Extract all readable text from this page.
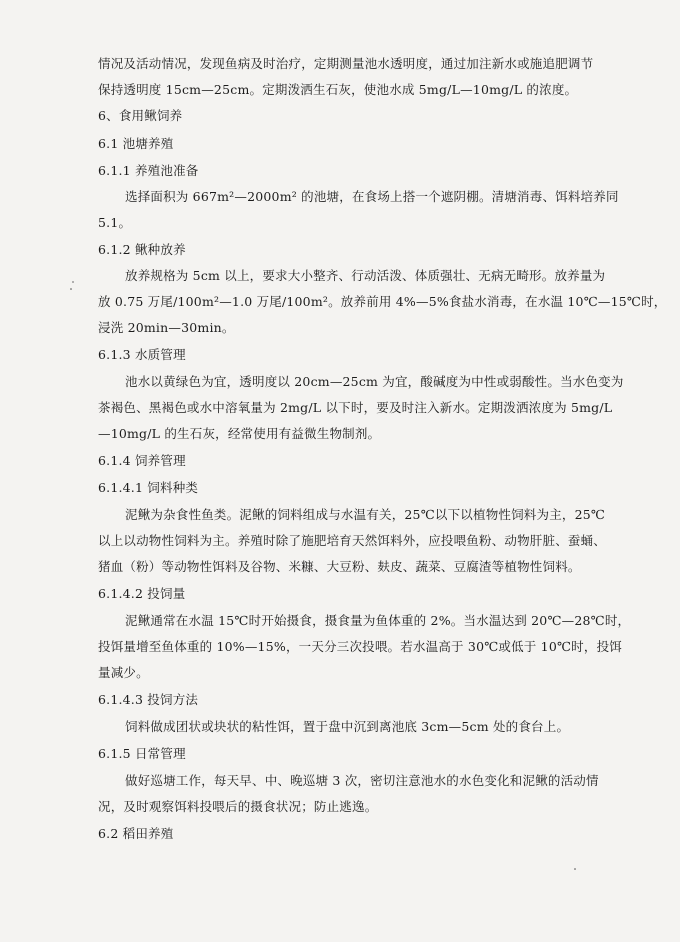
情况及活动情况，发现鱼病及时治疗，定期测量池水透明度，通过加注新水或施追肥调节
保持透明度 15cm—25cm。定期泼洒生石灰，使池水成 5mg/L—10mg/L 的浓度。
6、食用鳅饲养
6.1 池塘养殖
6.1.1 养殖池准备
选择面积为 667m²—2000m² 的池塘，在食场上搭一个遮阴棚。清塘消毒、饵料培养同
5.1。
6.1.2 鳅种放养
放养规格为 5cm 以上，要求大小整齐、行动活泼、体质强壮、无病无畸形。放养量为
放 0.75 万尾/100m²—1.0 万尾/100m²。放养前用 4%—5%食盐水消毒，在水温 10℃—15℃时，
浸洗 20min—30min。
6.1.3 水质管理
池水以黄绿色为宜，透明度以 20cm—25cm 为宜，酸碱度为中性或弱酸性。当水色变为
茶褐色、黑褐色或水中溶氧量为 2mg/L 以下时，要及时注入新水。定期泼洒浓度为 5mg/L
—10mg/L 的生石灰，经常使用有益微生物制剂。
6.1.4 饲养管理
6.1.4.1 饲料种类
泥鳅为杂食性鱼类。泥鳅的饲料组成与水温有关，25℃以下以植物性饲料为主，25℃
以上以动物性饲料为主。养殖时除了施肥培育天然饵料外，应投喂鱼粉、动物肝脏、蚕蛹、
猪血（粉）等动物性饵料及谷物、米糠、大豆粉、麸皮、蔬菜、豆腐渣等植物性饲料。
6.1.4.2 投饲量
泥鳅通常在水温 15℃时开始摄食，摄食量为鱼体重的 2%。当水温达到 20℃—28℃时，
投饵量增至鱼体重的 10%—15%，一天分三次投喂。若水温高于 30℃或低于 10℃时，投饵
量减少。
6.1.4.3 投饲方法
饲料做成团状或块状的粘性饵，置于盘中沉到离池底 3cm—5cm 处的食台上。
6.1.5 日常管理
做好巡塘工作，每天早、中、晚巡塘 3 次，密切注意池水的水色变化和泥鳅的活动情
况，及时观察饵料投喂后的摄食状况；防止逃逸。
6.2 稻田养殖
